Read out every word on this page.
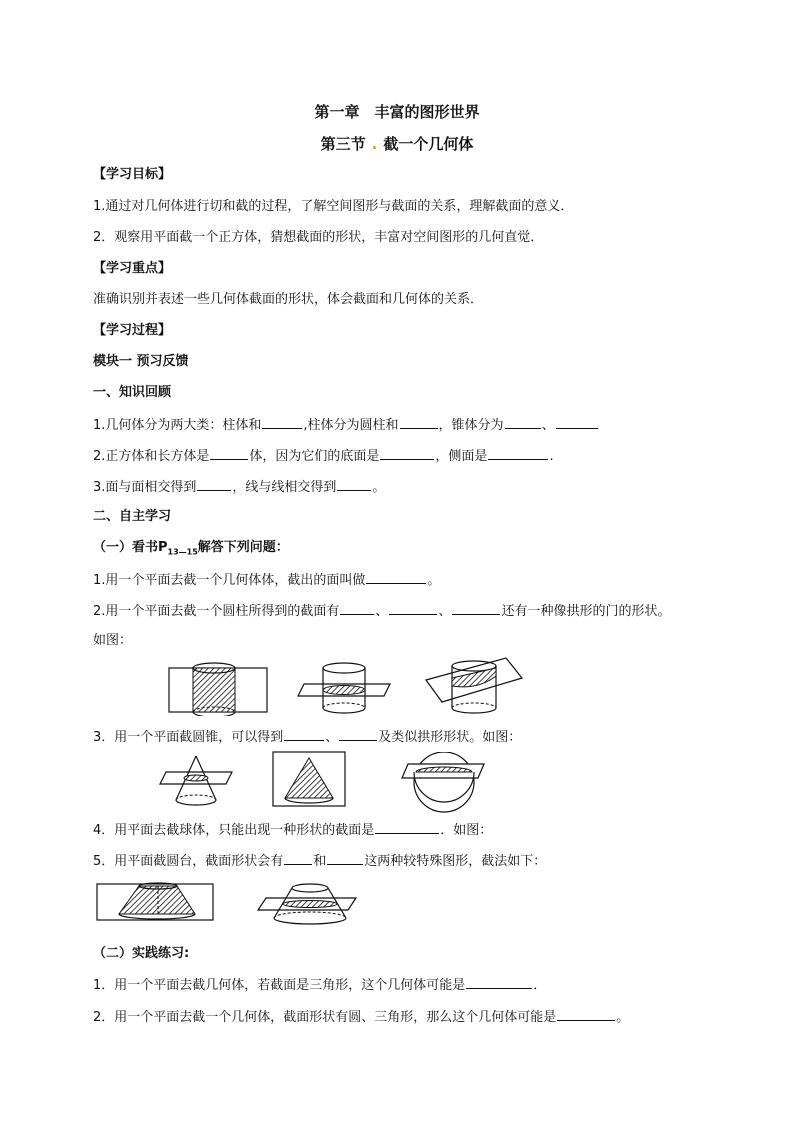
第一章　丰富的图形世界
第三节 . 截一个几何体
【学习目标】
1.通过对几何体进行切和截的过程，了解空间图形与截面的关系，理解截面的意义．
2．观察用平面截一个正方体，猜想截面的形状，丰富对空间图形的几何直觉．
【学习重点】
准确识别并表述一些几何体截面的形状，体会截面和几何体的关系．
【学习过程】
模块一 预习反馈
一、知识回顾
1.几何体分为两大类：柱体和	,柱体分为圆柱和	，锥体分为	、
2.正方体和长方体是	体，因为它们的底面是	，侧面是	.
3.面与面相交得到	，线与线相交得到	。
二、自主学习
（一）看书$P_{13—15}$解答下列问题：
1.用一个平面去截一个几何体体，截出的面叫做	。
2.用一个平面去截一个圆柱所得到的截面有	、	、	还有一种像拱形的门的形状。
如图：
3．用一个平面截圆锥，可以得到	、	及类似拱形形状。如图：
4．用平面去截球体，只能出现一种形状的截面是	．如图：
5．用平面截圆台，截面形状会有 和	这两种较特殊图形，截法如下：
（二）实践练习:
1．用一个平面去截几何体，若截面是三角形，这个几何体可能是	．
2．用一个平面去截一个几何体，截面形状有圆、三角形，那么这个几何体可能是	。
